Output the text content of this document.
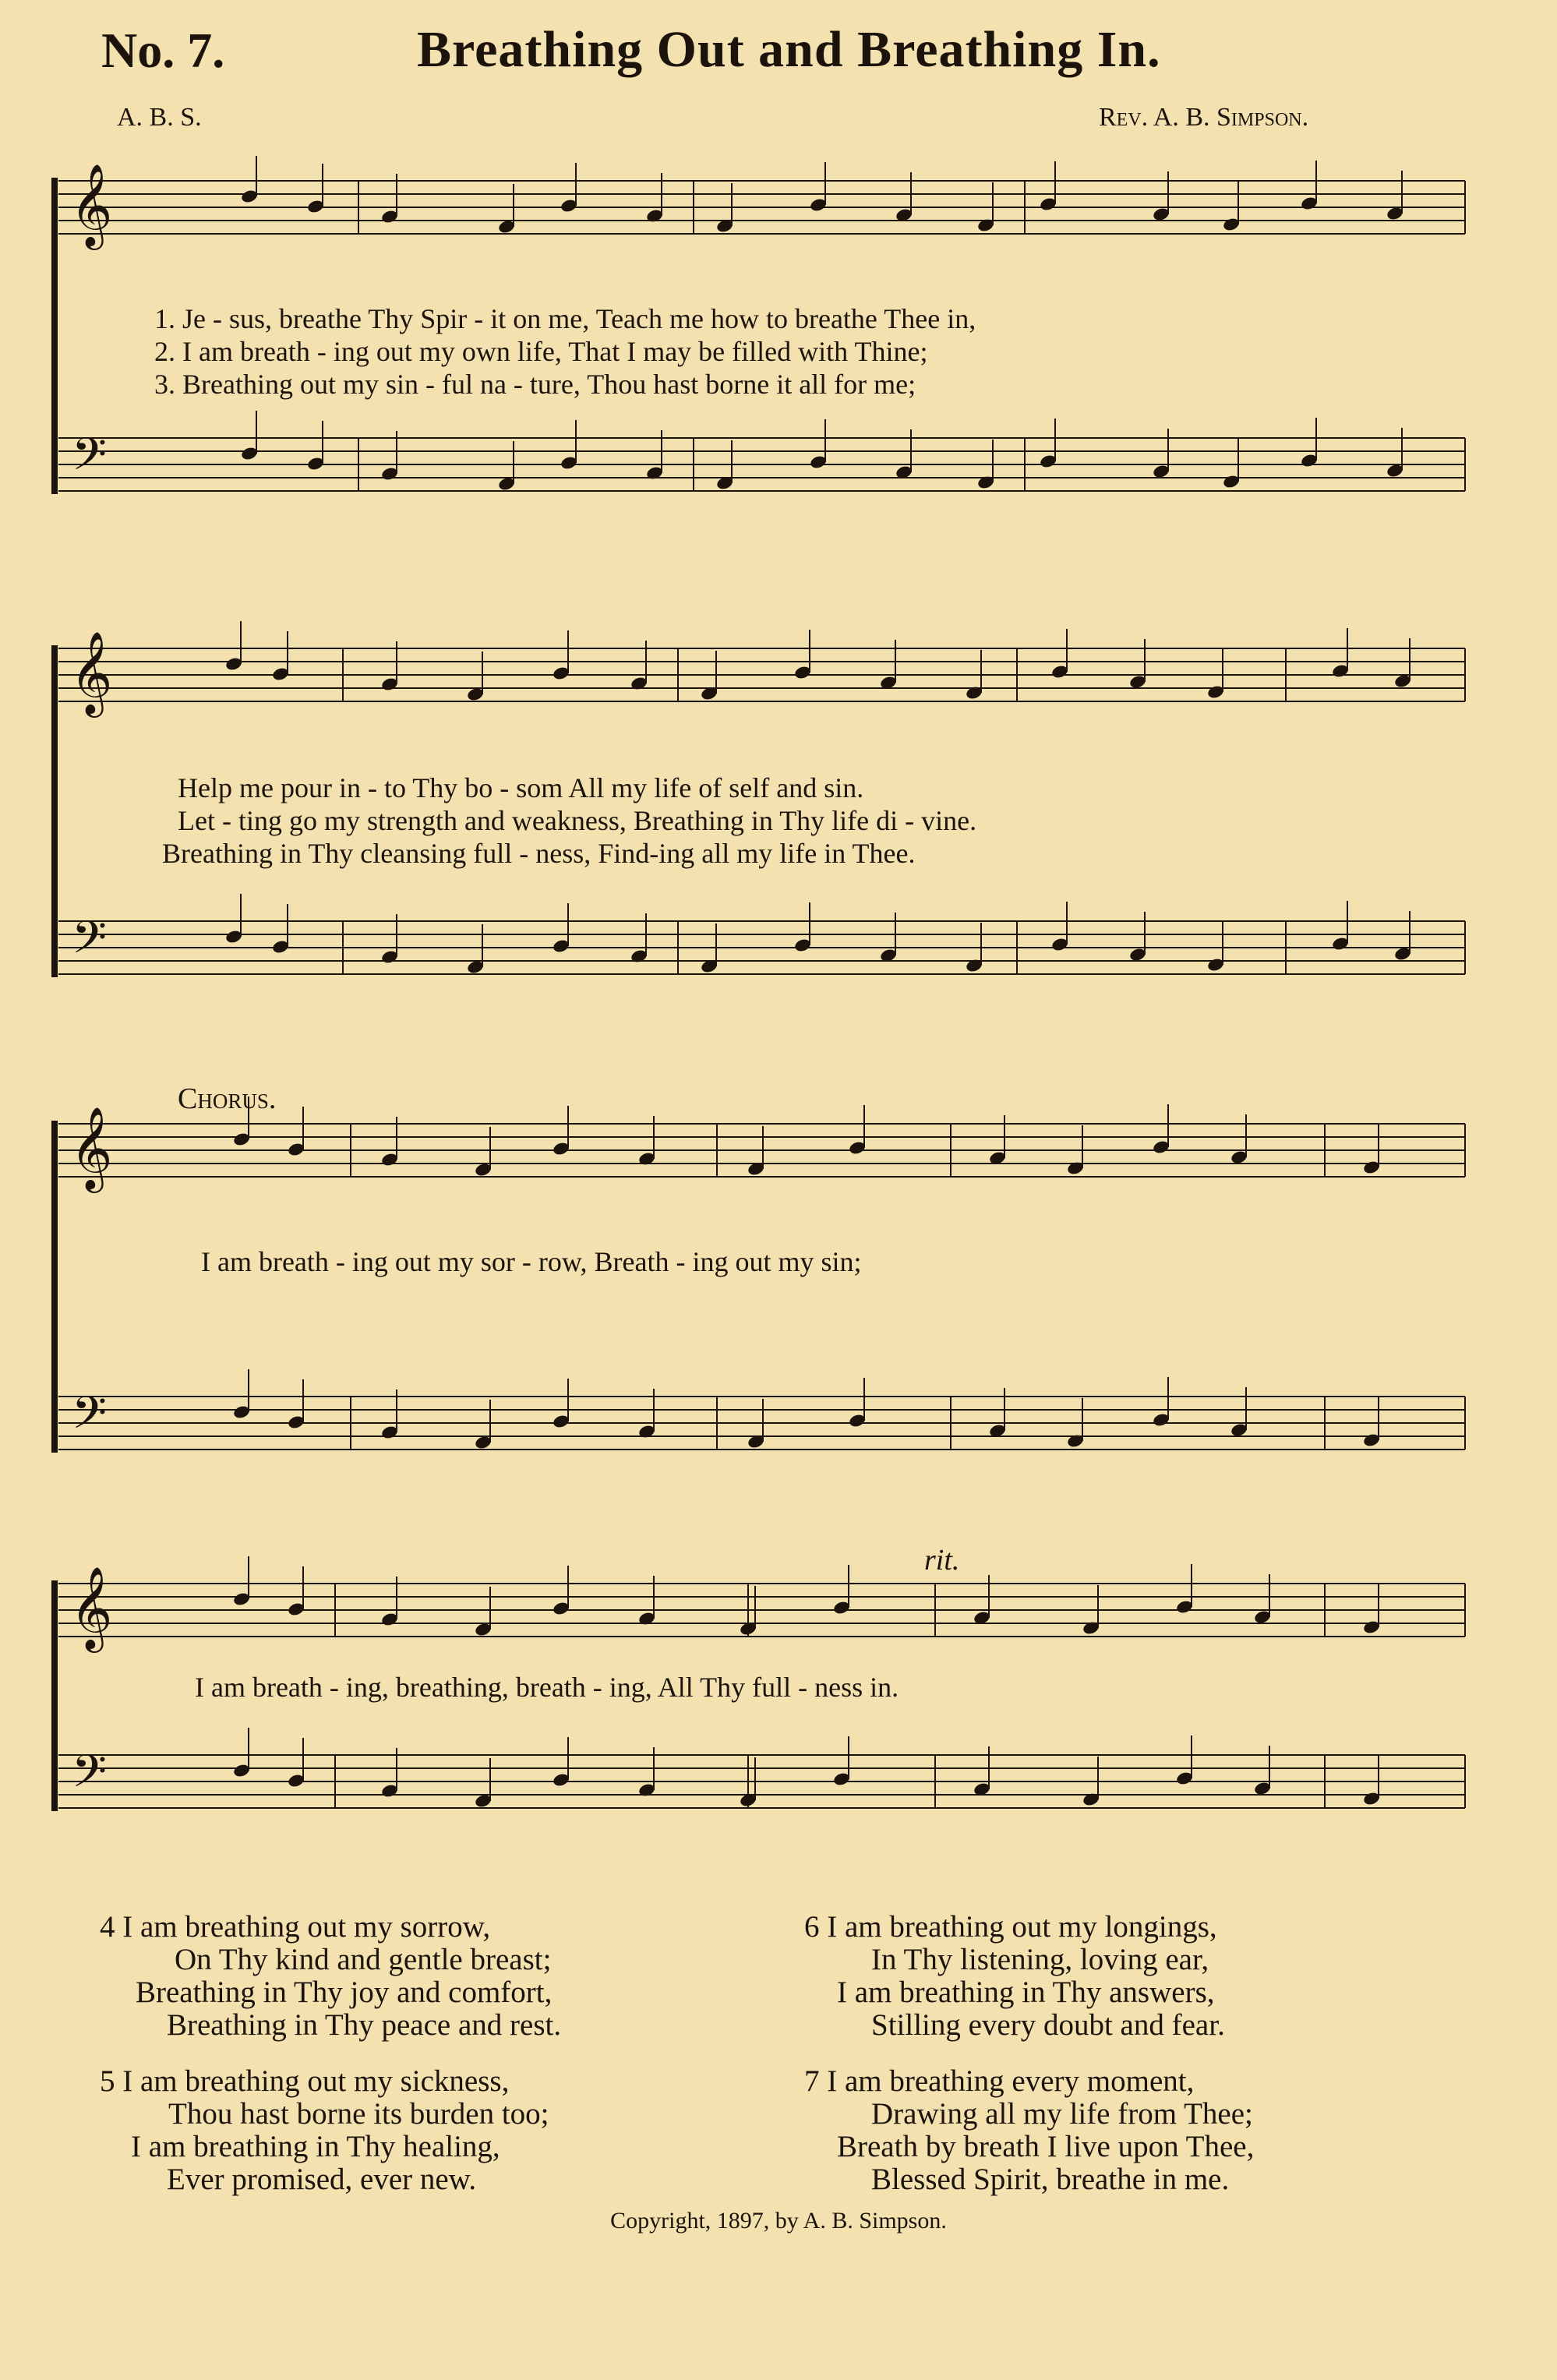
No. 7.	Breathing Out and Breathing In.
A. B. S.	Rev. A. B. Simpson.
𝄞
𝄢
𝄞
𝄢
𝄞
𝄢
𝄞
𝄢
1. Je - sus, breathe Thy Spir - it on me, Teach me how to breathe Thee in,
2. I am breath - ing out my own life, That I may be filled with Thine;
3. Breathing out my sin - ful na - ture, Thou hast borne it all for me;
Help me pour in - to Thy bo - som All my life of self and sin.
Let - ting go my strength and weakness, Breathing in Thy life di - vine.
Breathing in Thy cleansing full - ness, Find-ing all my life in Thee.
Chorus.
I am breath - ing out my sor - row, Breath - ing out my sin;
rit.
I am breath - ing, breathing, breath - ing, All Thy full - ness in.
4 I am breathing out my sorrow,
On Thy kind and gentle breast;
Breathing in Thy joy and comfort,
Breathing in Thy peace and rest.
5 I am breathing out my sickness,
Thou hast borne its burden too;
I am breathing in Thy healing,
Ever promised, ever new.
6 I am breathing out my longings,
In Thy listening, loving ear,
I am breathing in Thy answers,
Stilling every doubt and fear.
7 I am breathing every moment,
Drawing all my life from Thee;
Breath by breath I live upon Thee,
Blessed Spirit, breathe in me.
Copyright, 1897, by A. B. Simpson.
